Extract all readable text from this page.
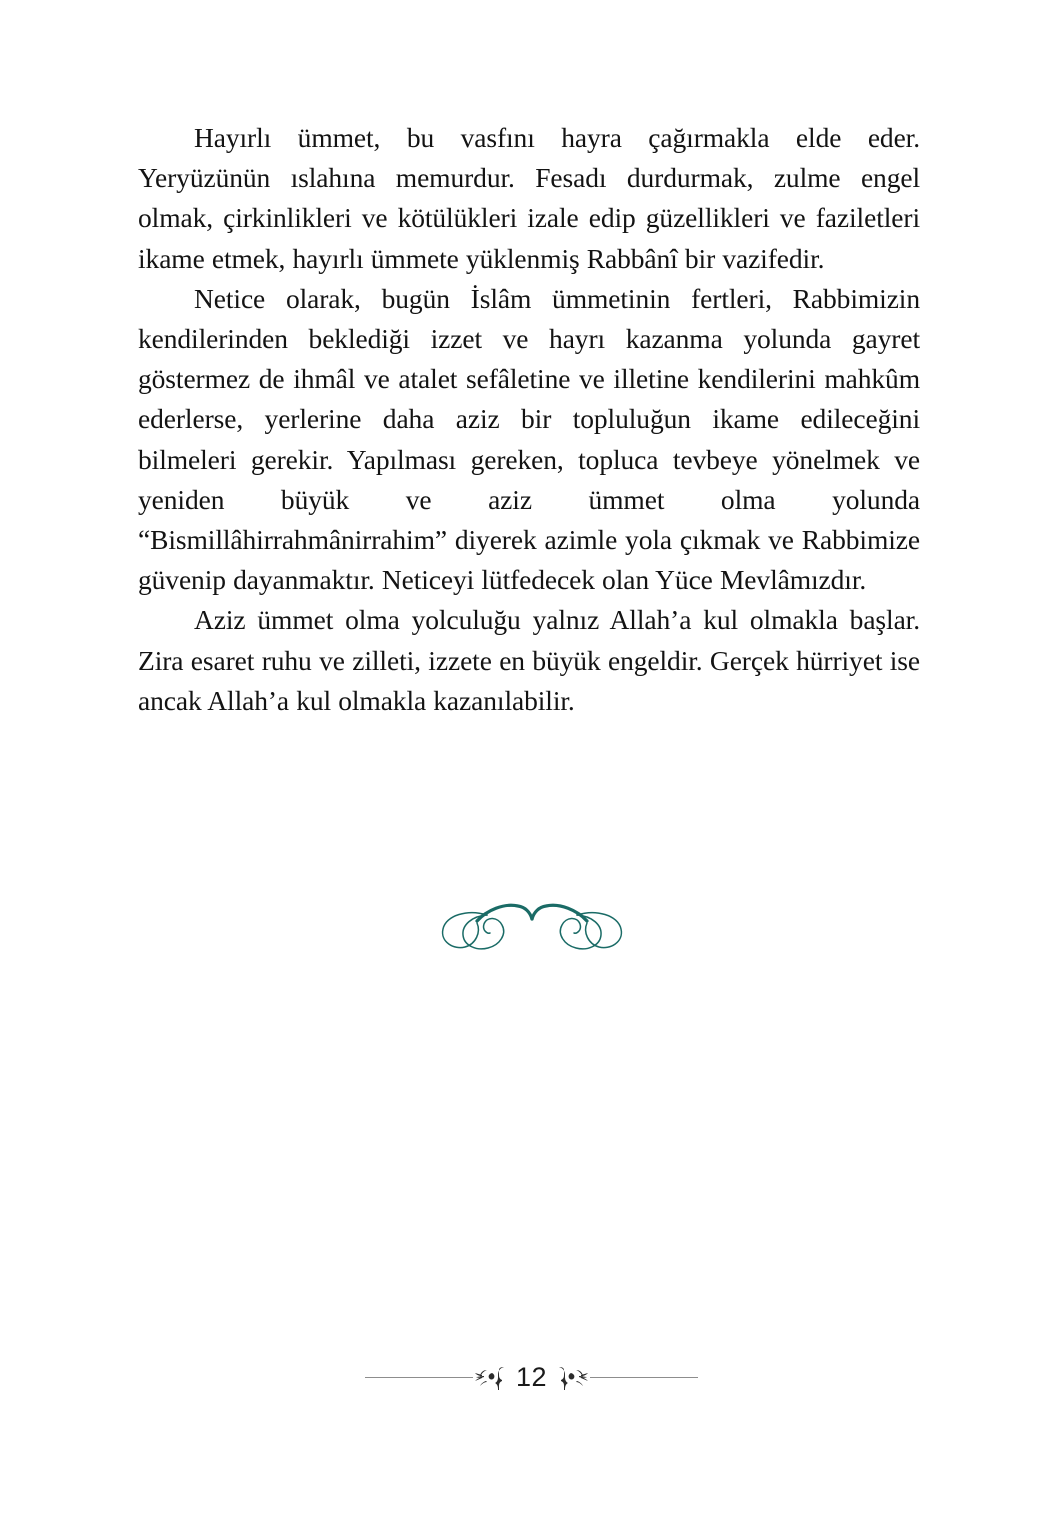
Hayırlı ümmet, bu vasfını hayra çağırmakla elde eder. Yeryüzünün ıslahına memurdur. Fesadı durdurmak, zulme engel olmak, çirkinlikleri ve kötülükleri izale edip güzellikleri ve faziletleri ikame etmek, hayırlı ümmete yüklenmiş Rabbânî bir vazifedir.

Netice olarak, bugün İslâm ümmetinin fertleri, Rabbimizin kendilerinden beklediği izzet ve hayrı kazanma yolunda gayret göstermez de ihmâl ve atalet sefâletine ve illetine kendilerini mahkûm ederlerse, yerlerine daha aziz bir topluluğun ikame edileceğini bilmeleri gerekir. Yapılması gereken, topluca tevbeye yönelmek ve yeniden büyük ve aziz ümmet olma yolunda “Bismillâhirrahmânirrahim” diyerek azimle yola çıkmak ve Rabbimize güvenip dayanmaktır. Neticeyi lütfedecek olan Yüce Mevlâmızdır.

Aziz ümmet olma yolculuğu yalnız Allah’a kul olmakla başlar. Zira esaret ruhu ve zilleti, izzete en büyük engeldir. Gerçek hürriyet ise ancak Allah’a kul olmakla kazanılabilir.

12
